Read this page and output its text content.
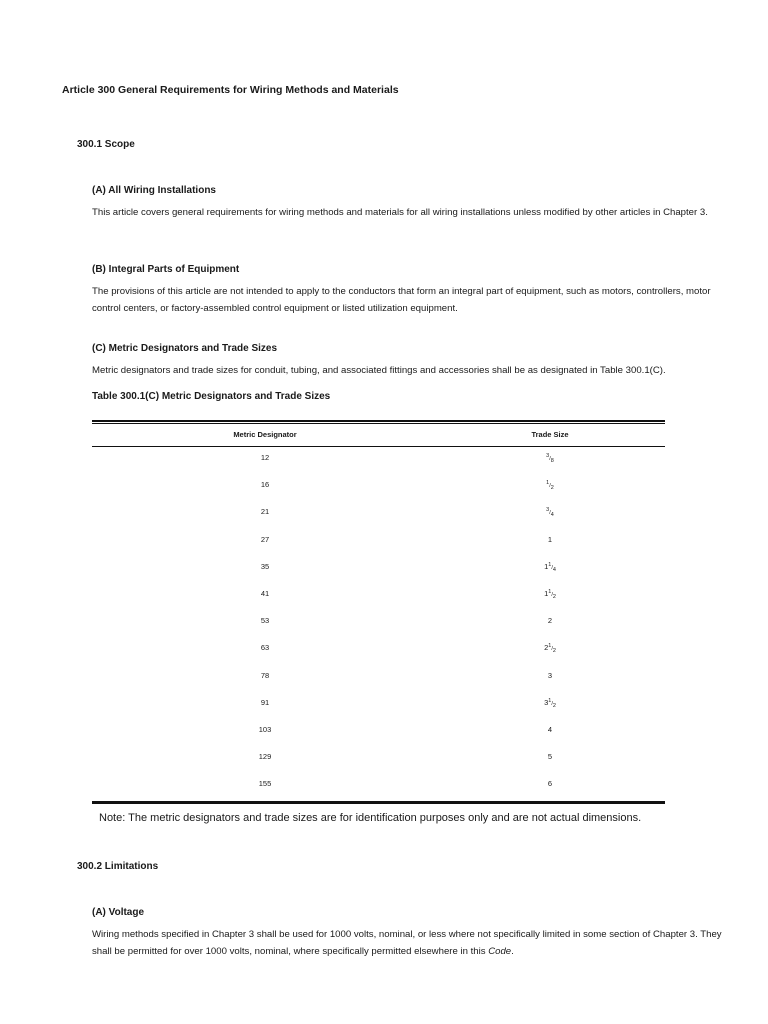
Article 300 General Requirements for Wiring Methods and Materials
300.1 Scope
(A) All Wiring Installations
This article covers general requirements for wiring methods and materials for all wiring installations unless modified by other articles in Chapter 3.
(B) Integral Parts of Equipment
The provisions of this article are not intended to apply to the conductors that form an integral part of equipment, such as motors, controllers, motor control centers, or factory-assembled control equipment or listed utilization equipment.
(C) Metric Designators and Trade Sizes
Metric designators and trade sizes for conduit, tubing, and associated fittings and accessories shall be as designated in Table 300.1(C).
Table 300.1(C) Metric Designators and Trade Sizes
Metric Designator	Trade Size
12	$^3/_8$
16	$^1/_2$
21	$^3/_4$
27	1
35	$1^1/_4$
41	$1^1/_2$
53	2
63	$2^1/_2$
78	3
91	$3^1/_2$
103	4
129	5
155	6
Note: The metric designators and trade sizes are for identification purposes only and are not actual dimensions.
300.2 Limitations
(A) Voltage
Wiring methods specified in Chapter 3 shall be used for 1000 volts, nominal, or less where not specifically limited in some section of Chapter 3. They shall be permitted for over 1000 volts, nominal, where specifically permitted elsewhere in this Code.
